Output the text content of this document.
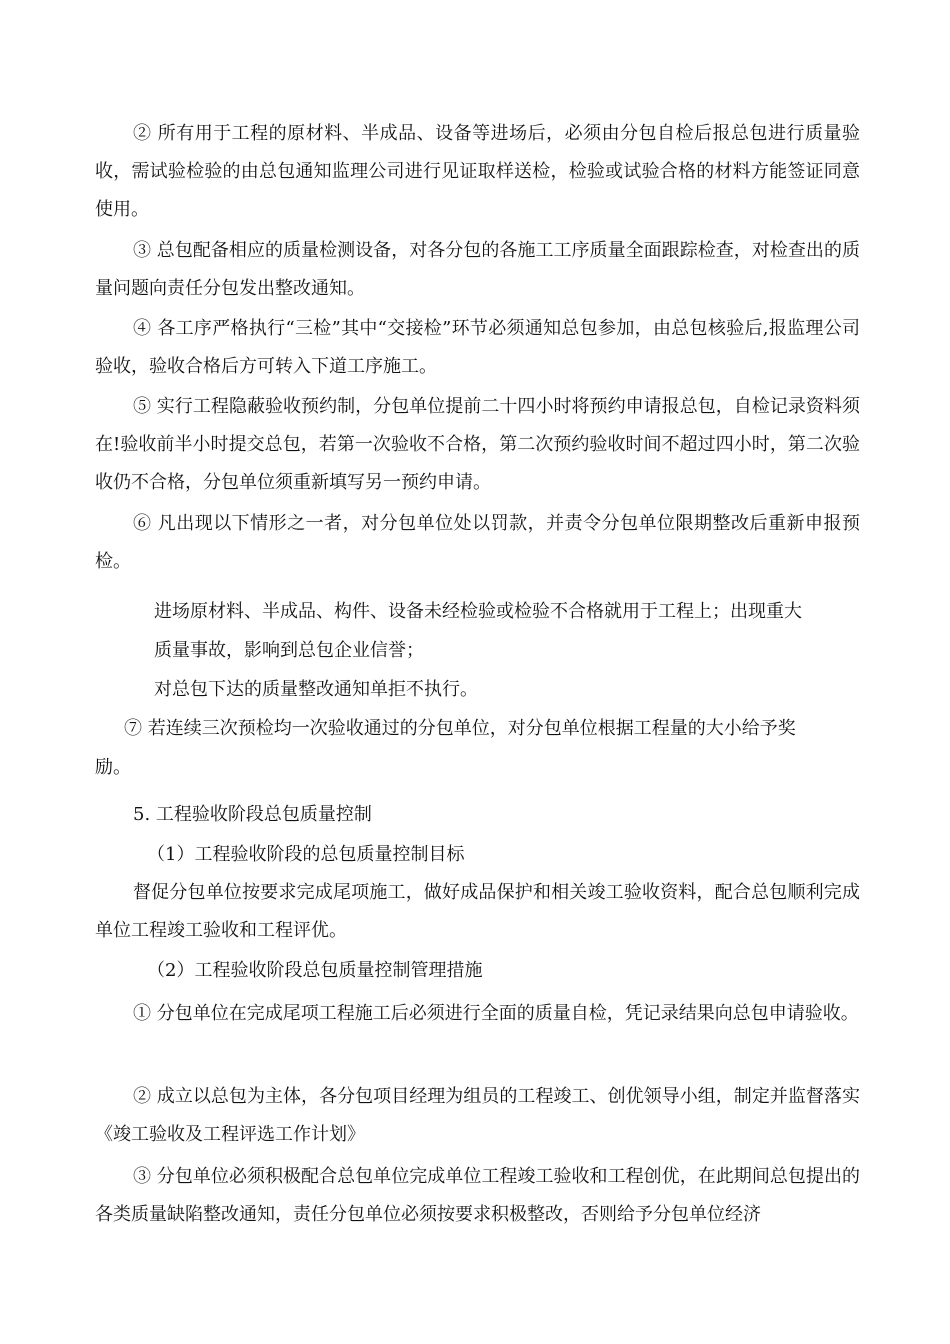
② 所有用于工程的原材料、半成品、设备等进场后，必须由分包自检后报总包进行质量验收，需试验检验的由总包通知监理公司进行见证取样送检，检验或试验合格的材料方能签证同意使用。

③ 总包配备相应的质量检测设备，对各分包的各施工工序质量全面跟踪检查，对检查出的质量问题向责任分包发出整改通知。

④ 各工序严格执行“三检”其中“交接检”环节必须通知总包参加，由总包核验后,报监理公司验收，验收合格后方可转入下道工序施工。

⑤ 实行工程隐蔽验收预约制，分包单位提前二十四小时将预约申请报总包，自检记录资料须在!验收前半小时提交总包，若第一次验收不合格，第二次预约验收时间不超过四小时，第二次验收仍不合格，分包单位须重新填写另一预约申请。

⑥ 凡出现以下情形之一者，对分包单位处以罚款，并责令分包单位限期整改后重新申报预检。

进场原材料、半成品、构件、设备未经检验或检验不合格就用于工程上；出现重大

质量事故，影响到总包企业信誉；

对总包下达的质量整改通知单拒不执行。

⑦ 若连续三次预检均一次验收通过的分包单位，对分包单位根据工程量的大小给予奖

励。

5. 工程验收阶段总包质量控制

（1）工程验收阶段的总包质量控制目标

督促分包单位按要求完成尾项施工，做好成品保护和相关竣工验收资料，配合总包顺利完成单位工程竣工验收和工程评优。

（2）工程验收阶段总包质量控制管理措施

① 分包单位在完成尾项工程施工后必须进行全面的质量自检，凭记录结果向总包申请验收。

② 成立以总包为主体，各分包项目经理为组员的工程竣工、创优领导小组，制定并监督落实《竣工验收及工程评选工作计划》

③ 分包单位必须积极配合总包单位完成单位工程竣工验收和工程创优，在此期间总包提出的各类质量缺陷整改通知，责任分包单位必须按要求积极整改，否则给予分包单位经济
